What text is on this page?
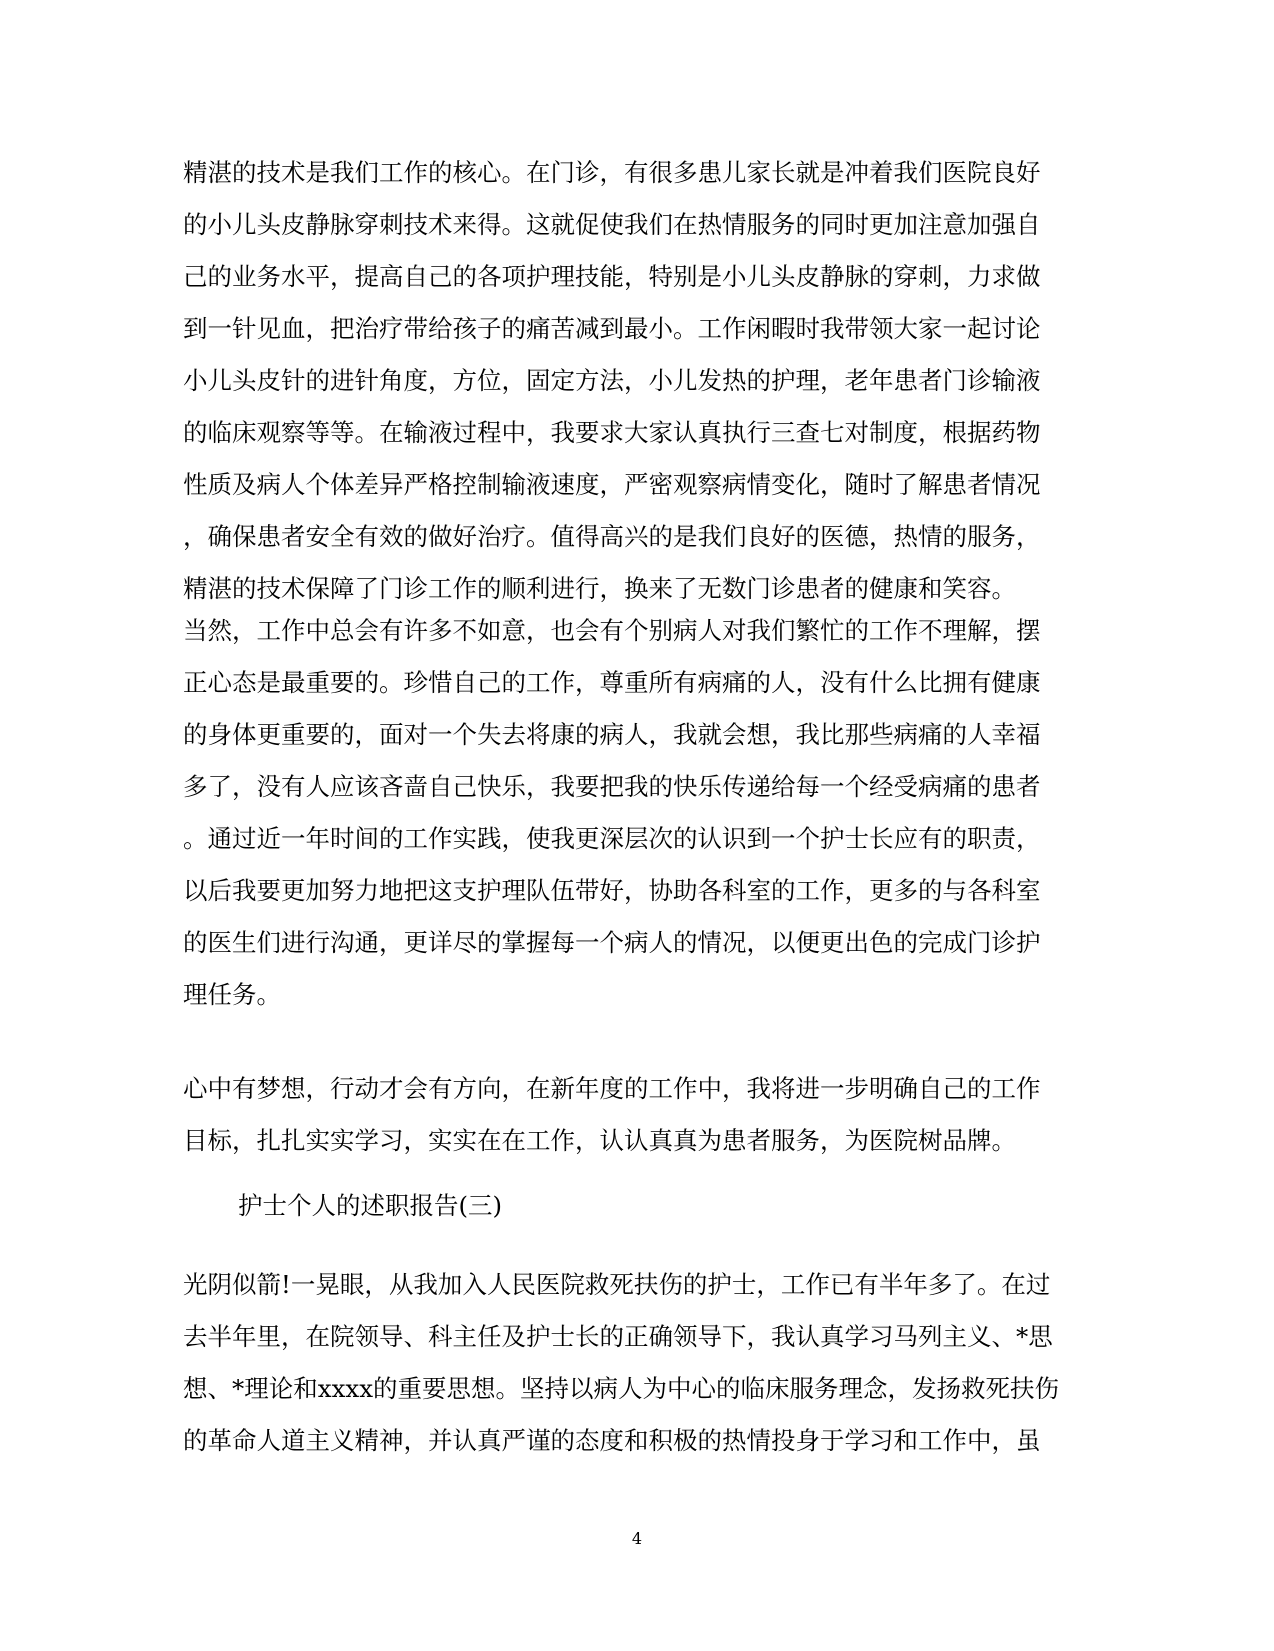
精湛的技术是我们工作的核心。在门诊，有很多患儿家长就是冲着我们医院良好
的小儿头皮静脉穿刺技术来得。这就促使我们在热情服务的同时更加注意加强自
己的业务水平，提高自己的各项护理技能，特别是小儿头皮静脉的穿刺，力求做
到一针见血，把治疗带给孩子的痛苦减到最小。工作闲暇时我带领大家一起讨论
小儿头皮针的进针角度，方位，固定方法，小儿发热的护理，老年患者门诊输液
的临床观察等等。在输液过程中，我要求大家认真执行三查七对制度，根据药物
性质及病人个体差异严格控制输液速度，严密观察病情变化，随时了解患者情况
，确保患者安全有效的做好治疗。值得高兴的是我们良好的医德，热情的服务，
精湛的技术保障了门诊工作的顺利进行，换来了无数门诊患者的健康和笑容。
当然，工作中总会有许多不如意，也会有个别病人对我们繁忙的工作不理解，摆
正心态是最重要的。珍惜自己的工作，尊重所有病痛的人，没有什么比拥有健康
的身体更重要的，面对一个失去将康的病人，我就会想，我比那些病痛的人幸福
多了，没有人应该吝啬自己快乐，我要把我的快乐传递给每一个经受病痛的患者
。通过近一年时间的工作实践，使我更深层次的认识到一个护士长应有的职责，
以后我要更加努力地把这支护理队伍带好，协助各科室的工作，更多的与各科室
的医生们进行沟通，更详尽的掌握每一个病人的情况，以便更出色的完成门诊护
理任务。
心中有梦想，行动才会有方向，在新年度的工作中，我将进一步明确自己的工作
目标，扎扎实实学习，实实在在工作，认认真真为患者服务，为医院树品牌。
护士个人的述职报告(三)
光阴似箭!一晃眼，从我加入人民医院救死扶伤的护士，工作已有半年多了。在过
去半年里，在院领导、科主任及护士长的正确领导下，我认真学习马列主义、*思
想、*理论和xxxx的重要思想。坚持以病人为中心的临床服务理念，发扬救死扶伤
的革命人道主义精神，并认真严谨的态度和积极的热情投身于学习和工作中，虽
4
